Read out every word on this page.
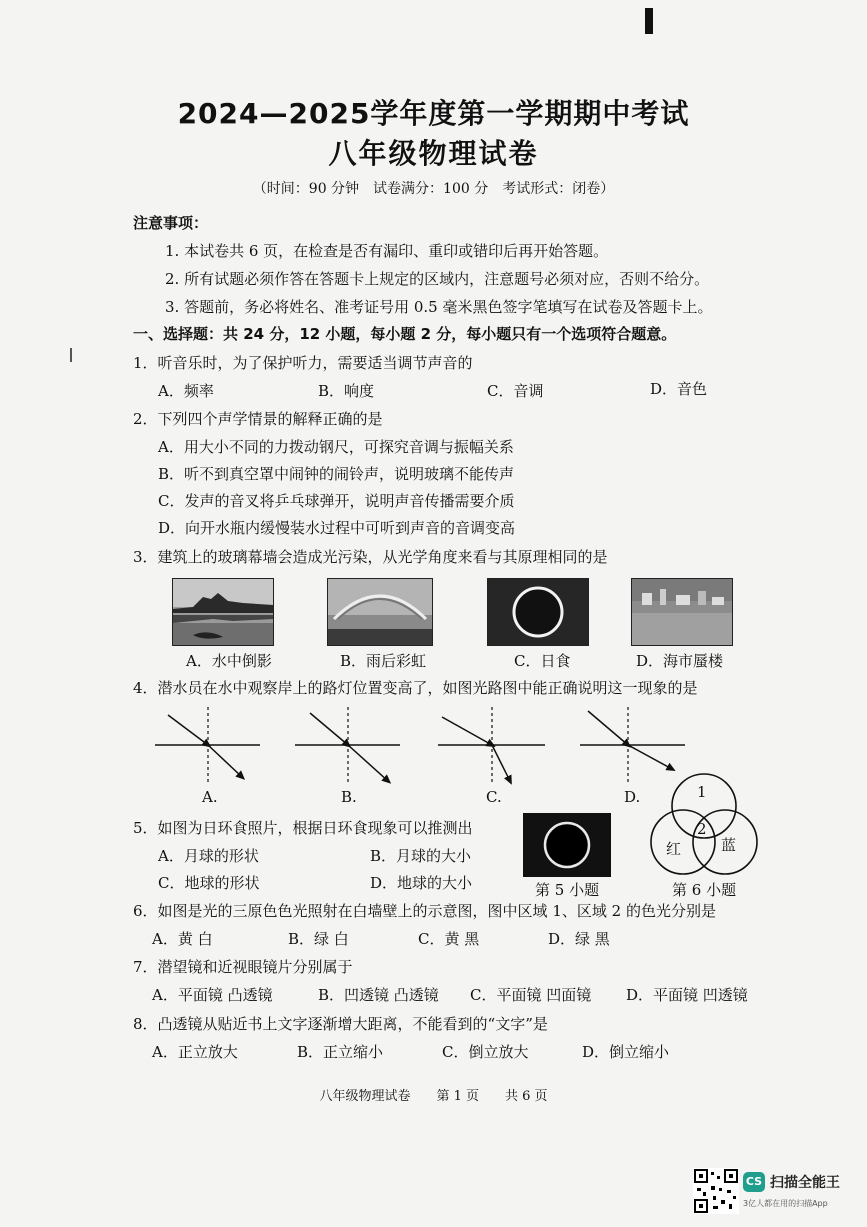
2024—2025学年度第一学期期中考试
八年级物理试卷
（时间：90 分钟　试卷满分：100 分　考试形式：闭卷）
注意事项：
1. 本试卷共 6 页，在检查是否有漏印、重印或错印后再开始答题。
2. 所有试题必须作答在答题卡上规定的区域内，注意题号必须对应，否则不给分。
3. 答题前，务必将姓名、准考证号用 0.5 毫米黑色签字笔填写在试卷及答题卡上。
一、选择题：共 24 分，12 小题，每小题 2 分，每小题只有一个选项符合题意。
1．听音乐时，为了保护听力，需要适当调节声音的
A．频率	B．响度	C．音调	D．音色
2．下列四个声学情景的解释正确的是
A．用大小不同的力拨动钢尺，可探究音调与振幅关系
B．听不到真空罩中闹钟的闹铃声，说明玻璃不能传声
C．发声的音叉将乒乓球弹开，说明声音传播需要介质
D．向开水瓶内缓慢装水过程中可听到声音的音调变高
3．建筑上的玻璃幕墙会造成光污染，从光学角度来看与其原理相同的是
A．水中倒影	B．雨后彩虹	C．日食	D．海市蜃楼
4．潜水员在水中观察岸上的路灯位置变高了，如图光路图中能正确说明这一现象的是
A.	B.	C.	D.
5．如图为日环食照片，根据日环食现象可以推测出
A．月球的形状	B．月球的大小
C．地球的形状	D．地球的大小	第 5 小题
1
2
红	蓝
第 6 小题
6．如图是光的三原色色光照射在白墙壁上的示意图，图中区域 1、区域 2 的色光分别是
A．黄 白	B．绿 白	C．黄 黑	D．绿 黑
7．潜望镜和近视眼镜片分别属于
A．平面镜 凸透镜	B．凹透镜 凸透镜 C．平面镜 凹面镜 D．平面镜 凹透镜
8．凸透镜从贴近书上文字逐渐增大距离，不能看到的“文字”是
A．正立放大	B．正立缩小	C．倒立放大	D．倒立缩小
八年级物理试卷　　第 1 页　　共 6 页
CS 扫描全能王
3亿人都在用的扫描App
